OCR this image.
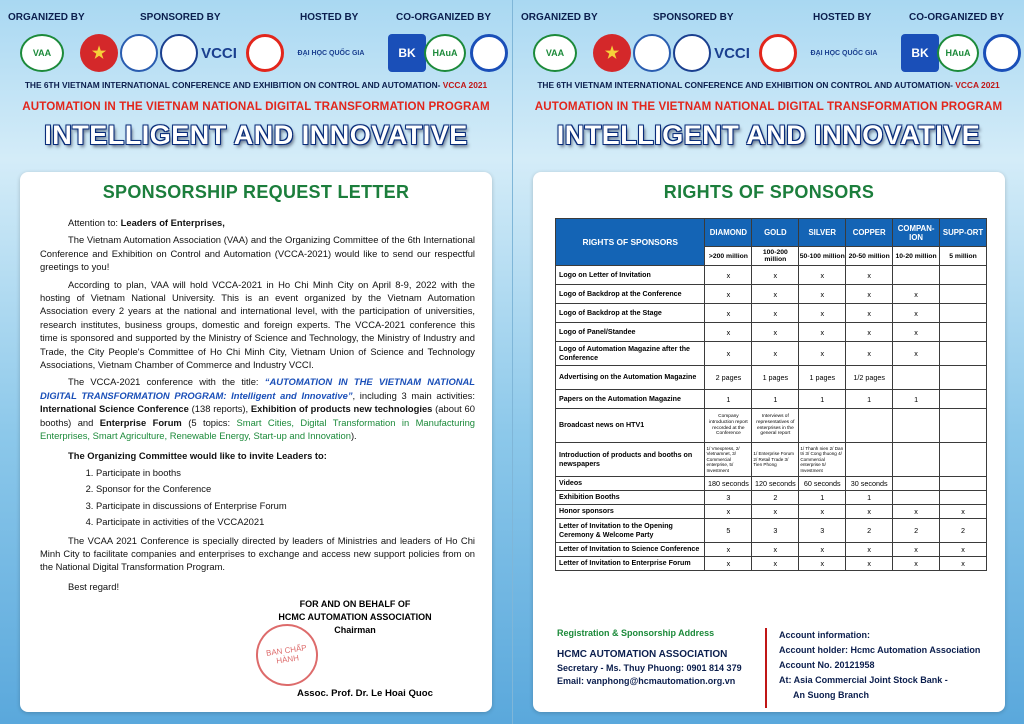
ORGANIZED BY	SPONSORED BY	HOSTED BY	CO-ORGANIZED BY
VAA	★	VCCI	ĐẠI HỌC QUỐC GIA	BK	HAuA
THE 6TH VIETNAM INTERNATIONAL CONFERENCE AND EXHIBITION ON CONTROL AND AUTOMATION- VCCA 2021
AUTOMATION IN THE VIETNAM NATIONAL DIGITAL TRANSFORMATION PROGRAM
INTELLIGENT AND INNOVATIVE
SPONSORSHIP REQUEST LETTER

Attention to: Leaders of Enterprises,

The Vietnam Automation Association (VAA) and the Organizing Committee of the 6th International Conference and Exhibition on Control and Automation (VCCA-2021) would like to send our respectful greetings to you!

According to plan, VAA will hold VCCA-2021 in Ho Chi Minh City on April 8-9, 2022 with the hosting of Vietnam National University. This is an event organized by the Vietnam Automation Association every 2 years at the national and international level, with the participation of universities, research institutes, business groups, domestic and foreign experts. The VCCA-2021 conference this time is sponsored and supported by the Ministry of Science and Technology, the Ministry of Industry and Trade, the City People's Committee of Ho Chi Minh City, Vietnam Union of Science and Technology Associations, Vietnam Chamber of Commerce and Industry VCCI.

The VCCA-2021 conference with the title: “AUTOMATION IN THE VIETNAM NATIONAL DIGITAL TRANSFORMATION PROGRAM: Intelligent and Innovative”, including 3 main activities: International Science Conference (138 reports), Exhibition of products new technologies (about 60 booths) and Enterprise Forum (5 topics: Smart Cities, Digital Transformation in Manufacturing Enterprises, Smart Agriculture, Renewable Energy, Start-up and Innovation).

The Organizing Committee would like to invite Leaders to:

1. Participate in booths
2. Sponsor for the Conference
3. Participate in discussions of Enterprise Forum
4. Participate in activities of the VCCA2021

The VCAA 2021 Conference is specially directed by leaders of Ministries and leaders of Ho Chi Minh City to facilitate companies and enterprises to exchange and access new support policies from on the National Digital Transformation Program.

Best regard!

FOR AND ON BEHALF OF
HCMC AUTOMATION ASSOCIATION
Chairman
BAN CHẤP HÀNH
Assoc. Prof. Dr. Le Hoai Quoc
ORGANIZED BY	SPONSORED BY	HOSTED BY	CO-ORGANIZED BY
VAA	★	VCCI	ĐẠI HỌC QUỐC GIA	BK	HAuA
THE 6TH VIETNAM INTERNATIONAL CONFERENCE AND EXHIBITION ON CONTROL AND AUTOMATION- VCCA 2021
AUTOMATION IN THE VIETNAM NATIONAL DIGITAL TRANSFORMATION PROGRAM
INTELLIGENT AND INNOVATIVE
RIGHTS OF SPONSORS
RIGHTS OF SPONSORS	DIAMOND	GOLD	SILVER	COPPER	COMPAN-ION	SUPP-ORT
	>200 million	100-200 million	50-100 million	20-50 million	10-20 million	5 million
Logo on Letter of Invitation	x	x	x	x		
Logo of Backdrop at the Conference	x	x	x	x	x	
Logo of Backdrop at the Stage	x	x	x	x	x	
Logo of Panel/Standee	x	x	x	x	x	
Logo of Automation Magazine after the Conference	x	x	x	x	x	
Advertising on the Automation Magazine	2 pages	1 pages	1 pages	1/2 pages		
Papers on the Automation Magazine	1	1	1	1	1	
Broadcast news on HTV1	Company introduction report recorded at the Conference	Interviews of representatives of enterprises in the general report				
Introduction of products and booths on newspapers	1/ Vnexpress, 2/ Vietnamnet, 3/ Commercial enterprise, 5/ Investment	1/ Enterprise Forum 2/ Retail Trade 3/ Tien Phong	1/ Thanh nien 2/ Dan tri 3/ Cong thuong 4/ Commercial enterprise 5/ Investment			
Videos	180 seconds	120 seconds	60 seconds	30 seconds		
Exhibition Booths	3	2	1	1		
Honor sponsors	x	x	x	x	x	x
Letter of Invitation to the Opening Ceremony & Welcome Party	5	3	3	2	2	2
Letter of Invitation to Science Conference	x	x	x	x	x	x
Letter of Invitation to Enterprise Forum	x	x	x	x	x	x
Registration & Sponsorship Address
HCMC AUTOMATION ASSOCIATION
Secretary - Ms. Thuy Phuong: 0901 814 379
Email: vanphong@hcmautomation.org.vn
Account information:
Account holder: Hcmc Automation Association
Account No. 20121958
At: Asia Commercial Joint Stock Bank -
An Suong Branch
